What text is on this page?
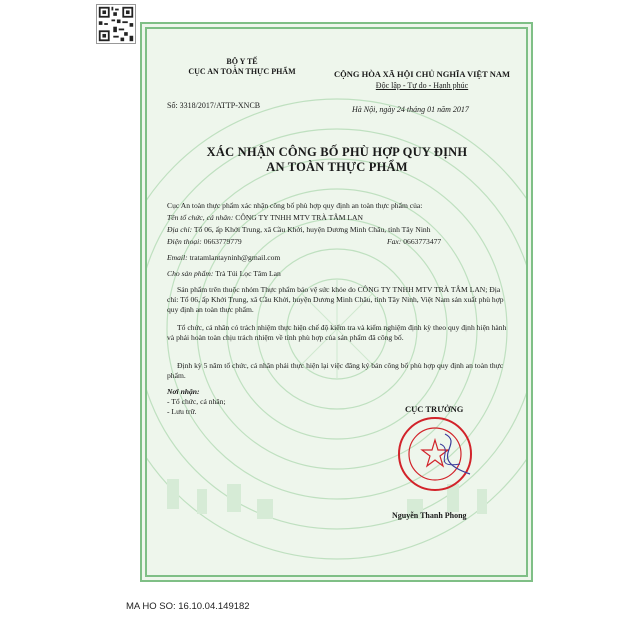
BỘ Y TẾ
CỤC AN TOÀN THỰC PHẨM
Số: 3318/2017/ATTP-XNCB
CỘNG HÒA XÃ HỘI CHỦ NGHĨA VIỆT NAM
Độc lập - Tự do - Hạnh phúc
Hà Nội, ngày 24 tháng 01 năm 2017
XÁC NHẬN CÔNG BỐ PHÙ HỢP QUY ĐỊNH
AN TOÀN THỰC PHẨM
Cục An toàn thực phẩm xác nhận công bố phù hợp quy định an toàn thực phẩm của:
Tên tổ chức, cá nhân: CÔNG TY TNHH MTV TRÀ TÂM LAN
Địa chỉ: Tổ 06, ấp Khởi Trung, xã Cầu Khởi, huyện Dương Minh Châu, tỉnh Tây Ninh
Điện thoại: 0663779779	Fax: 0663773477
Email: tratamlantayninh@gmail.com
Cho sản phẩm: Trà Túi Lọc Tâm Lan
Sản phẩm trên thuộc nhóm Thực phẩm bảo vệ sức khỏe do CÔNG TY TNHH MTV TRÀ TÂM LAN; Địa chỉ: Tổ 06, ấp Khởi Trung, xã Cầu Khởi, huyện Dương Minh Châu, tỉnh Tây Ninh, Việt Nam sản xuất phù hợp quy định an toàn thực phẩm.
Tổ chức, cá nhân có trách nhiệm thực hiện chế độ kiểm tra và kiểm nghiệm định kỳ theo quy định hiện hành và phải hoàn toàn chịu trách nhiệm về tính phù hợp của sản phẩm đã công bố.
Định kỳ 5 năm tổ chức, cá nhân phải thực hiện lại việc đăng ký bản công bố phù hợp quy định an toàn thực phẩm.
Nơi nhận:
- Tổ chức, cá nhân;
- Lưu trữ.	CỤC TRƯỞNG
Nguyễn Thanh Phong
MA HO SO: 16.10.04.149182
